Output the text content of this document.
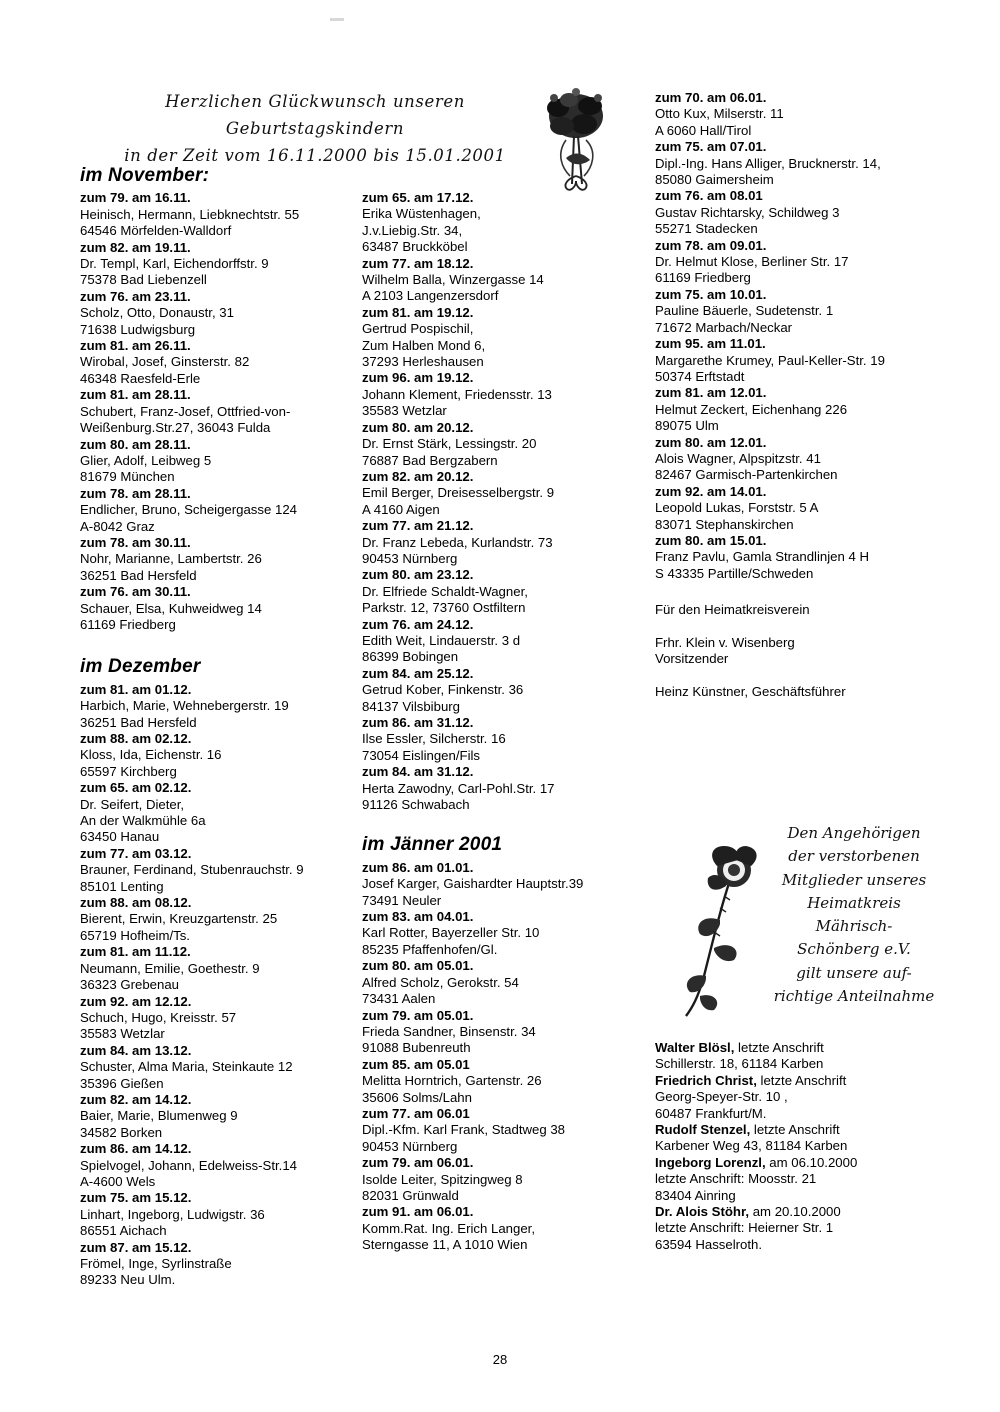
Herzlichen Glückwunsch unseren Geburtstagskindern
in der Zeit vom 16.11.2000 bis 15.01.2001
im November:
zum 79. am 16.11.
Heinisch, Hermann, Liebknechtstr. 55
64546 Mörfelden-Walldorf
zum 82. am 19.11.
Dr. Templ, Karl, Eichendorffstr. 9
75378 Bad Liebenzell
zum 76. am 23.11.
Scholz, Otto, Donaustr, 31
71638 Ludwigsburg
zum 81. am 26.11.
Wirobal, Josef, Ginsterstr. 82
46348 Raesfeld-Erle
zum 81. am 28.11.
Schubert, Franz-Josef, Ottfried-von-
Weißenburg.Str.27, 36043 Fulda
zum 80. am 28.11.
Glier, Adolf, Leibweg 5
81679 München
zum 78. am 28.11.
Endlicher, Bruno, Scheigergasse 124
A-8042 Graz
zum 78. am 30.11.
Nohr, Marianne, Lambertstr. 26
36251 Bad Hersfeld
zum 76. am 30.11.
Schauer, Elsa, Kuhweidweg 14
61169 Friedberg
im Dezember
zum 81. am 01.12.
Harbich, Marie, Wehnebergerstr. 19
36251 Bad Hersfeld
zum 88. am 02.12.
Kloss, Ida, Eichenstr. 16
65597 Kirchberg
zum 65. am 02.12.
Dr. Seifert, Dieter,
An der Walkmühle 6a
63450 Hanau
zum 77. am 03.12.
Brauner, Ferdinand, Stubenrauchstr. 9
85101 Lenting
zum 88. am 08.12.
Bierent, Erwin, Kreuzgartenstr. 25
65719 Hofheim/Ts.
zum 81. am 11.12.
Neumann, Emilie, Goethestr. 9
36323 Grebenau
zum 92. am 12.12.
Schuch, Hugo, Kreisstr. 57
35583 Wetzlar
zum 84. am 13.12.
Schuster, Alma Maria, Steinkaute 12
35396 Gießen
zum 82. am 14.12.
Baier, Marie, Blumenweg 9
34582 Borken
zum 86. am 14.12.
Spielvogel, Johann, Edelweiss-Str.14
A-4600 Wels
zum 75. am 15.12.
Linhart, Ingeborg, Ludwigstr. 36
86551 Aichach
zum 87. am 15.12.
Frömel, Inge, Syrlinstraße
89233 Neu Ulm.
zum 65. am 17.12.
Erika Wüstenhagen,
J.v.Liebig.Str. 34,
63487 Bruckköbel
zum 77. am 18.12.
Wilhelm Balla, Winzergasse 14
A 2103 Langenzersdorf
zum 81. am 19.12.
Gertrud Pospischil,
Zum Halben Mond 6,
37293 Herleshausen
zum 96. am 19.12.
Johann Klement, Friedensstr. 13
35583 Wetzlar
zum 80. am 20.12.
Dr. Ernst Stärk, Lessingstr. 20
76887 Bad Bergzabern
zum 82. am 20.12.
Emil Berger, Dreisesselbergstr. 9
A 4160 Aigen
zum 77. am 21.12.
Dr. Franz Lebeda, Kurlandstr. 73
90453 Nürnberg
zum 80. am 23.12.
Dr. Elfriede Schaldt-Wagner,
Parkstr. 12, 73760 Ostfiltern
zum 76. am 24.12.
Edith Weit, Lindauerstr. 3 d
86399 Bobingen
zum 84. am 25.12.
Getrud Kober, Finkenstr. 36
84137 Vilsbiburg
zum 86. am 31.12.
Ilse Essler, Silcherstr. 16
73054 Eislingen/Fils
zum 84. am 31.12.
Herta Zawodny, Carl-Pohl.Str. 17
91126 Schwabach
im Jänner 2001
zum 86. am 01.01.
Josef Karger, Gaishardter Hauptstr.39
73491 Neuler
zum 83. am 04.01.
Karl Rotter, Bayerzeller Str. 10
85235 Pfaffenhofen/Gl.
zum 80. am 05.01.
Alfred Scholz, Gerokstr. 54
73431 Aalen
zum 79. am 05.01.
Frieda Sandner, Binsenstr. 34
91088 Bubenreuth
zum 85. am 05.01
Melitta Horntrich, Gartenstr. 26
35606 Solms/Lahn
zum 77. am 06.01
Dipl.-Kfm. Karl Frank, Stadtweg 38
90453 Nürnberg
zum 79. am 06.01.
Isolde Leiter, Spitzingweg 8
82031 Grünwald
zum 91. am 06.01.
Komm.Rat. Ing. Erich Langer,
Sterngasse 11, A 1010 Wien
zum 70. am 06.01.
Otto Kux, Milserstr. 11
A 6060 Hall/Tirol
zum 75. am 07.01.
Dipl.-Ing. Hans Alliger, Brucknerstr. 14,
85080 Gaimersheim
zum 76. am 08.01
Gustav Richtarsky, Schildweg 3
55271 Stadecken
zum 78. am 09.01.
Dr. Helmut Klose, Berliner Str. 17
61169 Friedberg
zum 75. am 10.01.
Pauline Bäuerle, Sudetenstr. 1
71672 Marbach/Neckar
zum 95. am 11.01.
Margarethe Krumey, Paul-Keller-Str. 19
50374 Erftstadt
zum 81. am 12.01.
Helmut Zeckert, Eichenhang 226
89075 Ulm
zum 80. am 12.01.
Alois Wagner, Alpspitzstr. 41
82467 Garmisch-Partenkirchen
zum 92. am 14.01.
Leopold Lukas, Forststr. 5 A
83071 Stephanskirchen
zum 80. am 15.01.
Franz Pavlu, Gamla Strandlinjen 4 H
S 43335 Partille/Schweden
Für den Heimatkreisverein

Frhr. Klein v. Wisenberg
Vorsitzender

Heinz Künstner, Geschäftsführer
Den Angehörigen
der verstorbenen
Mitglieder unseres
Heimatkreis
Mährisch-
Schönberg e.V.
gilt unsere auf-
richtige Anteilnahme
Walter Blösl, letzte Anschrift
Schillerstr. 18, 61184 Karben
Friedrich Christ, letzte Anschrift
Georg-Speyer-Str. 10 ,
60487 Frankfurt/M.
Rudolf Stenzel, letzte Anschrift
Karbener Weg 43, 81184 Karben
Ingeborg Lorenzl, am 06.10.2000
letzte Anschrift: Moosstr. 21
83404 Ainring
Dr. Alois Stöhr, am 20.10.2000
letzte Anschrift: Heierner Str. 1
63594 Hasselroth.
28
